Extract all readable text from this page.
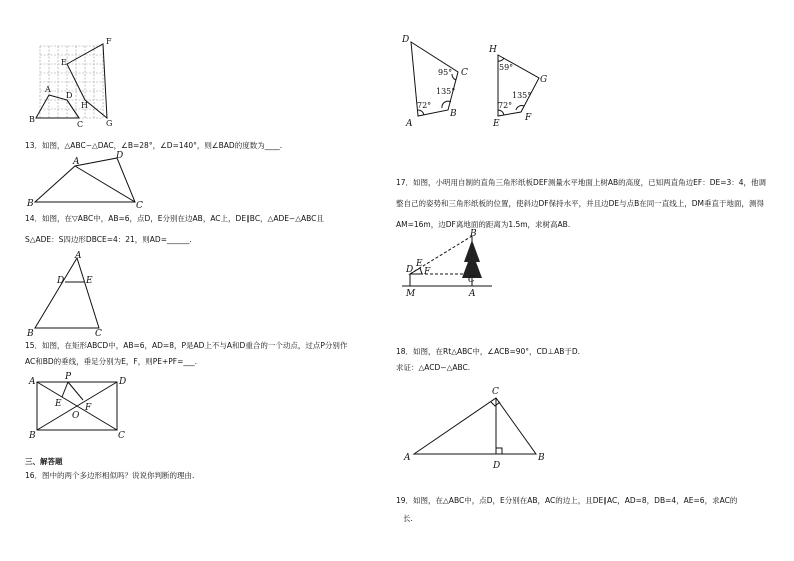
A
B
C
D
E
F
G
H
13．如图，△ABC∽△DAC，∠B=28°，∠D=140°，则∠BAD的度数为____.
A
B	C
D
14．如图，在▽ABC中，AB=6，点D，E分别在边AB，AC上，DE∥BC，△ADE∽△ABC且
S△ADE：S四边形DBCE=4：21，则AD=______.
A
B	C
D E
15．如图，在矩形ABCD中，AB=6，AD=8，P是AD上不与A和D重合的一个动点，过点P分别作
AC和BD的垂线，垂足分别为E，F，则PE+PF=___.
A
B	C
D
E	F
O
P
三、解答题
16．图中的两个多边形相似吗？说说你判断的理由.
D
C
B
A
95°
135°
72°
H
G
F
E
59°
135°
72°
17．如图，小明用自制的直角三角形纸板DEF测量水平地面上树AB的高度，已知两直角边EF：DE=3：4，他调整自己的姿势和三角形纸板的位置，使斜边DF保持水平，并且边DE与点B在同一直线上，DM垂直于地面，测得AM=16m，边DF离地面的距离为1.5m，求树高AB.
B
D
E
F
C
M	A
18．如图，在Rt△ABC中，∠ACB=90°，CD⊥AB于D.
求证：△ACD∽△ABC.
A	B
C
D
19．如图，在△ABC中，点D，E分别在AB，AC的边上，且DE∥AC，AD=8，DB=4，AE=6，求AC的
长.
